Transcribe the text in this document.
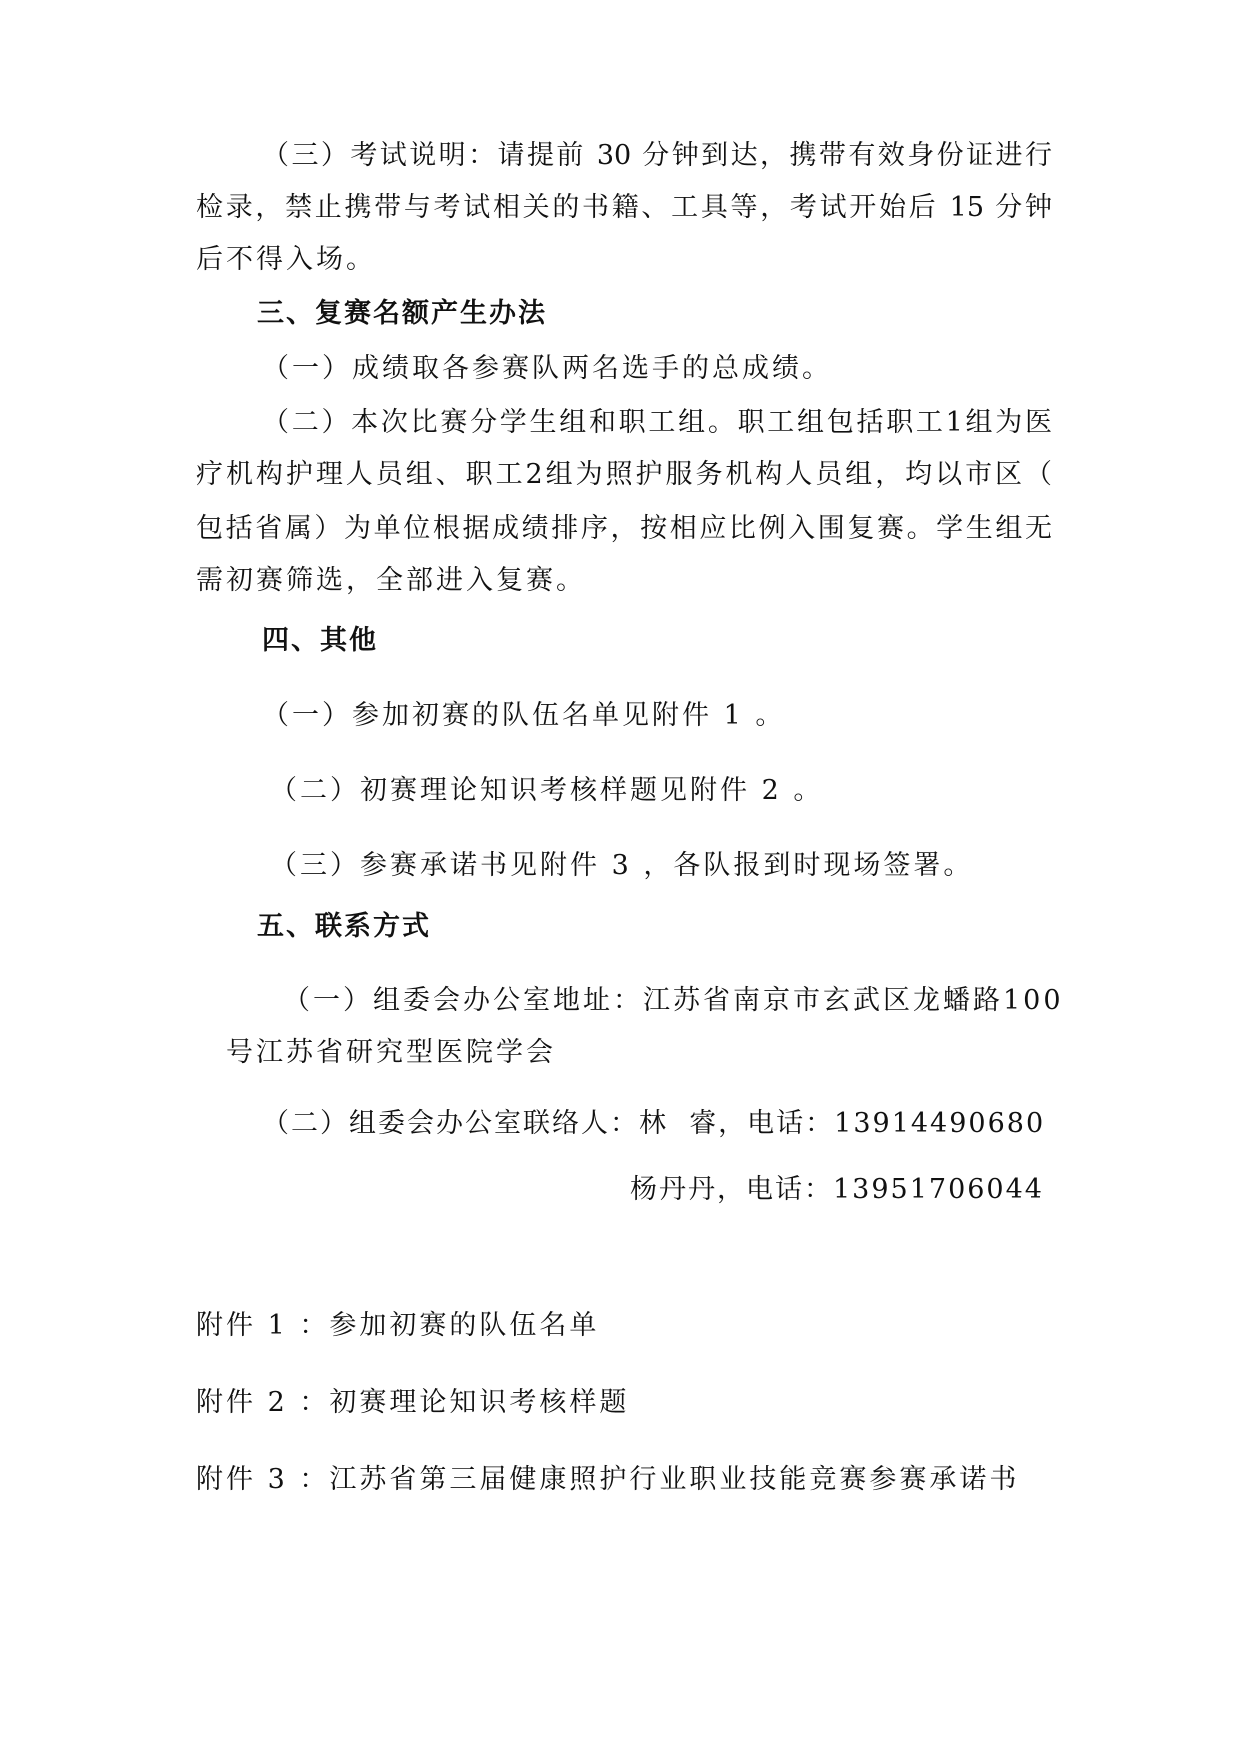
（三）考试说明：请提前 30 分钟到达，携带有效身份证进行
检录，禁止携带与考试相关的书籍、工具等，考试开始后 15 分钟
后不得入场。
三、复赛名额产生办法
（一）成绩取各参赛队两名选手的总成绩。
（二）本次比赛分学生组和职工组。职工组包括职工1组为医
疗机构护理人员组、职工2组为照护服务机构人员组，均以市区（
包括省属）为单位根据成绩排序，按相应比例入围复赛。学生组无
需初赛筛选，全部进入复赛。
四、其他
（一）参加初赛的队伍名单见附件 1 。
（二）初赛理论知识考核样题见附件 2 。
（三）参赛承诺书见附件 3 ，各队报到时现场签署。
五、联系方式
（一）组委会办公室地址：江苏省南京市玄武区龙蟠路100
号江苏省研究型医院学会
（二）组委会办公室联络人：林  睿，电话：13914490680
杨丹丹，电话：13951706044
附件 1 ：参加初赛的队伍名单
附件 2 ：初赛理论知识考核样题
附件 3 ：江苏省第三届健康照护行业职业技能竞赛参赛承诺书
